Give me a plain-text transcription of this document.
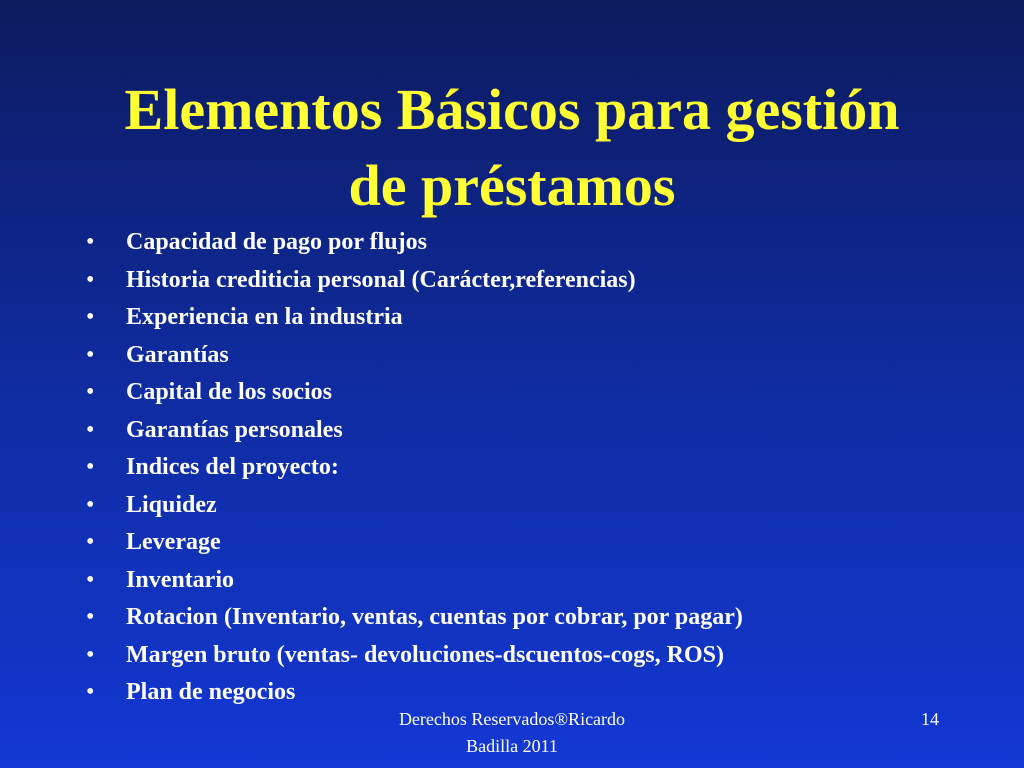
Elementos Básicos para gestión
de préstamos
•	Capacidad de pago por flujos
•	Historia crediticia personal (Carácter,referencias)
•	Experiencia en la industria
•	Garantías
•	Capital de los socios
•	Garantías personales
•	Indices del proyecto:
•	Liquidez
•	Leverage
•	Inventario
•	Rotacion (Inventario, ventas, cuentas por cobrar, por pagar)
•	Margen bruto (ventas- devoluciones-dscuentos-cogs, ROS)
•	Plan de negocios
Derechos Reservados®Ricardo
Badilla 2011
14
